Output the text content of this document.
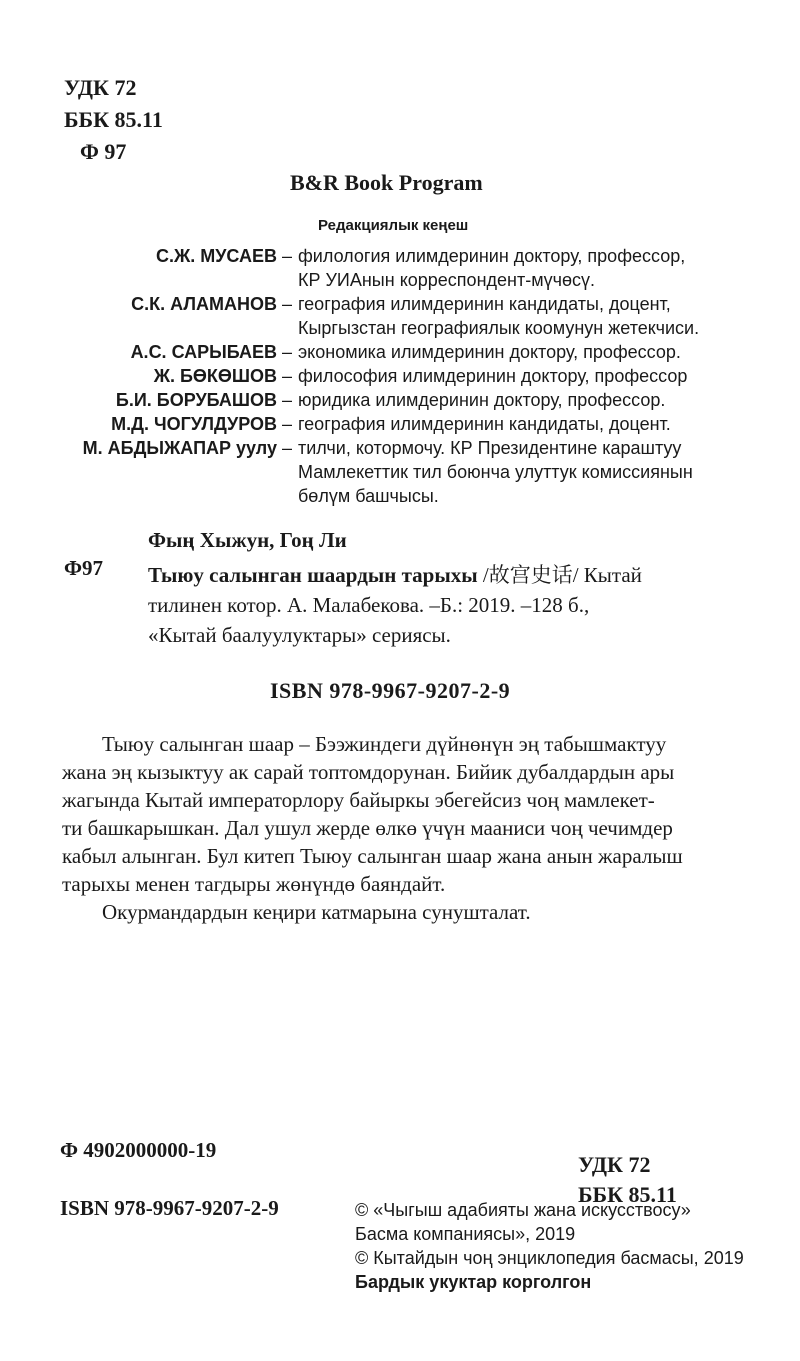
УДК 72
ББК 85.11
Ф 97
B&R Book Program
Редакциялык кеңеш
С.Ж. МУСАЕВ – филология илимдеринин доктору, профессор,
КР УИАнын корреспондент-мүчөсү.
С.К. АЛАМАНОВ – география илимдеринин кандидаты, доцент,
Кыргызстан географиялык коомунун жетекчиси.
А.С. САРЫБАЕВ – экономика илимдеринин доктору, профессор.
Ж. БӨКӨШОВ – философия илимдеринин доктору, профессор
Б.И. БОРУБАШОВ – юридика илимдеринин доктору, профессор.
М.Д. ЧОГУЛДУРОВ – география илимдеринин кандидаты, доцент.
М. АБДЫЖАПАР уулу – тилчи, котормочу. КР Президентине караштуу
Мамлекеттик тил боюнча улуттук комиссиянын
бөлүм башчысы.
Фың Хыжун, Гоң Ли
Ф97 Тыюу салынган шаардын тарыхы /故宫史话/ Кытай
тилинен котор. А. Малабекова. –Б.: 2019. –128 б.,
«Кытай баалуулуктары» сериясы.
ISBN 978-9967-9207-2-9
Тыюу салынган шаар – Бээжиндеги дүйнөнүн эң табышмактуу
жана эң кызыктуу ак сарай топтомдорунан. Бийик дубалдардын ары
жагында Кытай императорлору байыркы эбегейсиз чоң мамлекет-
ти башкарышкан. Дал ушул жерде өлкө үчүн мааниси чоң чечимдер
кабыл алынган. Бул китеп Тыюу салынган шаар жана анын жаралыш
тарыхы менен тагдыры жөнүндө баяндайт.
Окурмандардын кеңири катмарына сунушталат.
Ф 4902000000-19
ISBN 978-9967-9207-2-9
УДК 72
ББК 85.11
© «Чыгыш адабияты жана искусствосу»
Басма компаниясы», 2019
© Кытайдын чоң энциклопедия басмасы, 2019
Бардык укуктар корголгон
